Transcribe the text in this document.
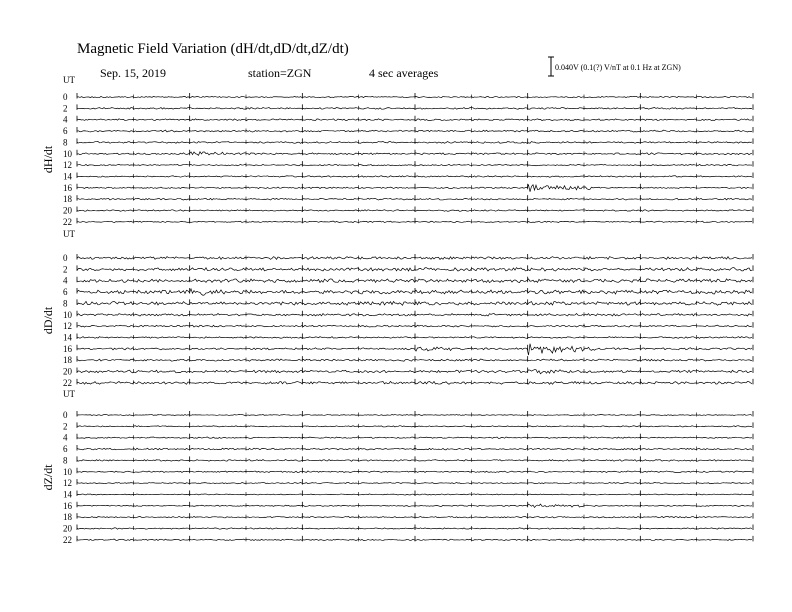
Magnetic Field Variation (dH/dt,dD/dt,dZ/dt)
Sep. 15, 2019	station=ZGN	4 sec averages	0.040V (0.1(?) V/nT at 0.1 Hz at ZGN)
UT
dH/dt
0
2
4
6
8
10
12
14
16
18
20
22
UT
dD/dt
0
2
4
6
8
10
12
14
16
18
20
22
UT
dZ/dt
0
2
4
6
8
10
12
14
16
18
20
22
